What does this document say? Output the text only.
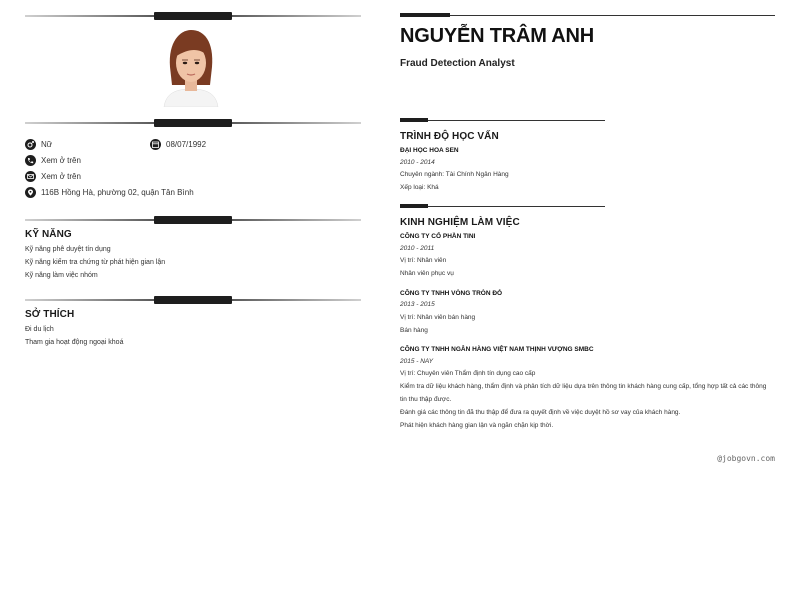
Nữ	08/07/1992
Xem ở trên
Xem ở trên
116B Hồng Hà, phường 02, quận Tân Bình
KỸ NĂNG
Kỹ năng phê duyệt tín dụng
Kỹ năng kiểm tra chứng từ phát hiện gian lận
Kỹ năng làm việc nhóm
SỞ THÍCH
Đi du lịch
Tham gia hoạt động ngoại khoá
NGUYỄN TRÂM ANH
Fraud Detection Analyst
TRÌNH ĐỘ HỌC VẤN
ĐẠI HỌC HOA SEN
2010 - 2014
Chuyên ngành: Tài Chính Ngân Hàng
Xếp loại: Khá
KINH NGHIỆM LÀM VIỆC
CÔNG TY CỔ PHẦN TINI
2010 - 2011
Vị trí: Nhân viên
Nhân viên phục vụ
CÔNG TY TNHH VÒNG TRÒN ĐỎ
2013 - 2015
Vị trí: Nhân viên bán hàng
Bán hàng
CÔNG TY TNHH NGÂN HÀNG VIỆT NAM THỊNH VƯỢNG SMBC
2015 - NAY
Vị trí: Chuyên viên Thẩm định tín dụng cao cấp
Kiểm tra dữ liệu khách hàng, thẩm định và phân tích dữ liệu dựa trên thông tin khách hàng cung cấp, tổng hợp tất cả các thông tin thu thập được.
Đánh giá các thông tin đã thu thập để đưa ra quyết định về việc duyệt hồ sơ vay của khách hàng.
Phát hiện khách hàng gian lận và ngăn chặn kịp thời.
@jobgovn.com
